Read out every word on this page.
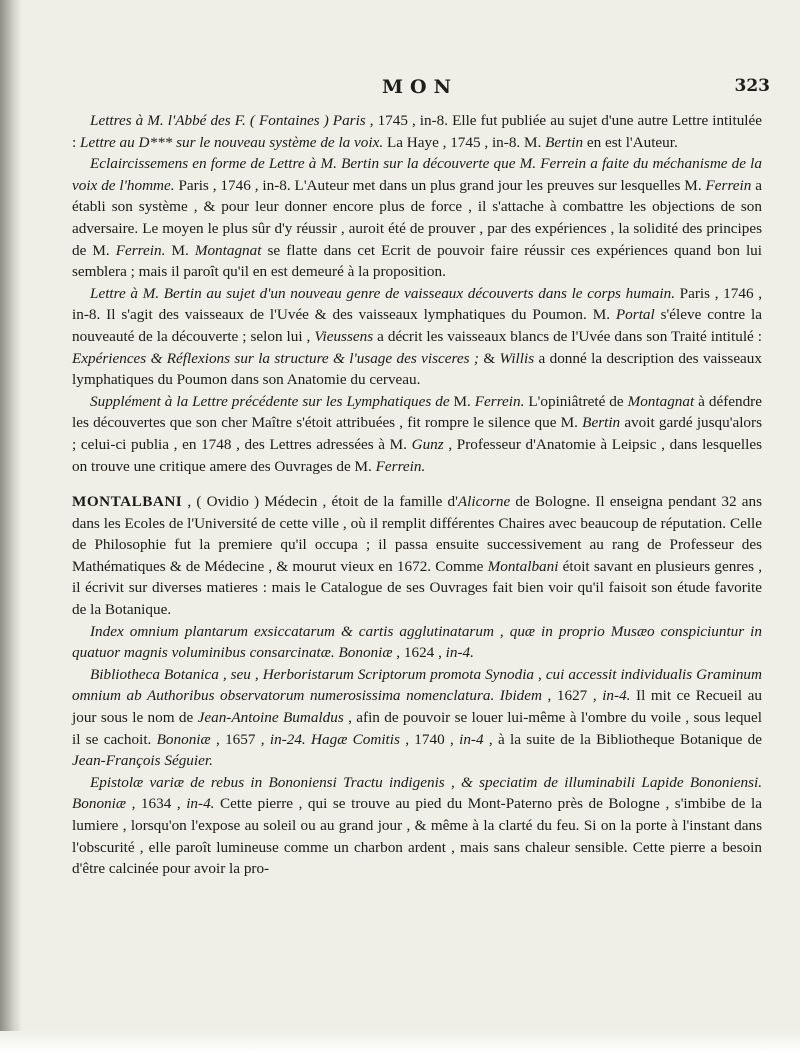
MON	323

Lettres à M. l'Abbé des F. ( Fontaines ) Paris , 1745 , in-8. Elle fut publiée au sujet d'une autre Lettre intitulée : Lettre au D*** sur le nouveau système de la voix. La Haye , 1745 , in-8. M. Bertin en est l'Auteur.

Eclaircissemens en forme de Lettre à M. Bertin sur la découverte que M. Ferrein a faite du méchanisme de la voix de l'homme. Paris , 1746 , in-8. L'Auteur met dans un plus grand jour les preuves sur lesquelles M. Ferrein a établi son système , & pour leur donner encore plus de force , il s'attache à combattre les objections de son adversaire. Le moyen le plus sûr d'y réussir , auroit été de prouver , par des expériences , la solidité des principes de M. Ferrein. M. Montagnat se flatte dans cet Ecrit de pouvoir faire réussir ces expériences quand bon lui semblera ; mais il paroît qu'il en est demeuré à la proposition.

Lettre à M. Bertin au sujet d'un nouveau genre de vaisseaux découverts dans le corps humain. Paris , 1746 , in-8. Il s'agit des vaisseaux de l'Uvée & des vaisseaux lymphatiques du Poumon. M. Portal s'éleve contre la nouveauté de la découverte ; selon lui , Vieussens a décrit les vaisseaux blancs de l'Uvée dans son Traité intitulé : Expériences & Réflexions sur la structure & l'usage des visceres ; & Willis a donné la description des vaisseaux lymphatiques du Poumon dans son Anatomie du cerveau.

Supplément à la Lettre précédente sur les Lymphatiques de M. Ferrein. L'opiniâtreté de Montagnat à défendre les découvertes que son cher Maître s'étoit attribuées , fit rompre le silence que M. Bertin avoit gardé jusqu'alors ; celui-ci publia , en 1748 , des Lettres adressées à M. Gunz , Professeur d'Anatomie à Leipsic , dans lesquelles on trouve une critique amere des Ouvrages de M. Ferrein.

MONTALBANI , ( Ovidio ) Médecin , étoit de la famille d'Alicorne de Bologne. Il enseigna pendant 32 ans dans les Ecoles de l'Université de cette ville , où il remplit différentes Chaires avec beaucoup de réputation. Celle de Philosophie fut la premiere qu'il occupa ; il passa ensuite successivement au rang de Professeur des Mathématiques & de Médecine , & mourut vieux en 1672. Comme Montalbani étoit savant en plusieurs genres , il écrivit sur diverses matieres : mais le Catalogue de ses Ouvrages fait bien voir qu'il faisoit son étude favorite de la Botanique.

Index omnium plantarum exsiccatarum & cartis agglutinatarum , quæ in proprio Musæo conspiciuntur in quatuor magnis voluminibus consarcinatæ. Bononiæ , 1624 , in-4.

Bibliotheca Botanica , seu , Herboristarum Scriptorum promota Synodia , cui accessit individualis Graminum omnium ab Authoribus observatorum numerosissima nomenclatura. Ibidem , 1627 , in-4. Il mit ce Recueil au jour sous le nom de Jean-Antoine Bumaldus , afin de pouvoir se louer lui-même à l'ombre du voile , sous lequel il se cachoit. Bononiæ , 1657 , in-24. Hagæ Comitis , 1740 , in-4 , à la suite de la Bibliotheque Botanique de Jean-François Séguier.

Epistolæ variæ de rebus in Bononiensi Tractu indigenis , & speciatim de illuminabili Lapide Bononiensi. Bononiæ , 1634 , in-4. Cette pierre , qui se trouve au pied du Mont-Paterno près de Bologne , s'imbibe de la lumiere , lorsqu'on l'expose au soleil ou au grand jour , & même à la clarté du feu. Si on la porte à l'instant dans l'obscurité , elle paroît lumineuse comme un charbon ardent , mais sans chaleur sensible. Cette pierre a besoin d'être calcinée pour avoir la pro-
